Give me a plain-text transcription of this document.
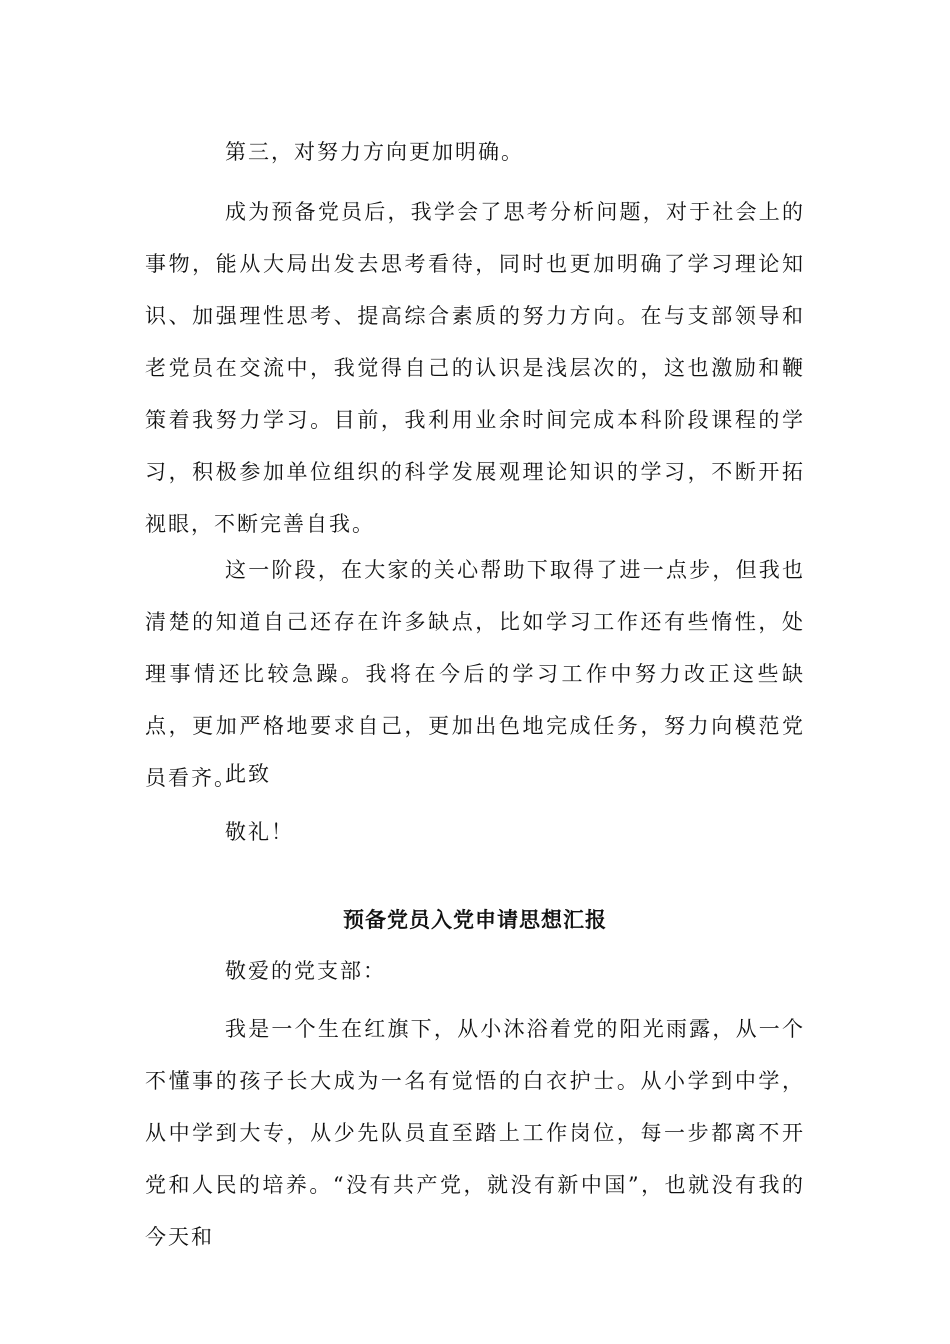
第三，对努力方向更加明确。

成为预备党员后，我学会了思考分析问题，对于社会上的事物，能从大局出发去思考看待，同时也更加明确了学习理论知识、加强理性思考、提高综合素质的努力方向。在与支部领导和老党员在交流中，我觉得自己的认识是浅层次的，这也激励和鞭策着我努力学习。目前，我利用业余时间完成本科阶段课程的学习，积极参加单位组织的科学发展观理论知识的学习，不断开拓视眼，不断完善自我。

这一阶段，在大家的关心帮助下取得了进一点步，但我也清楚的知道自己还存在许多缺点，比如学习工作还有些惰性，处理事情还比较急躁。我将在今后的学习工作中努力改正这些缺点，更加严格地要求自己，更加出色地完成任务，努力向模范党员看齐。

此致

敬礼！

预备党员入党申请思想汇报

敬爱的党支部：

我是一个生在红旗下，从小沐浴着党的阳光雨露，从一个不懂事的孩子长大成为一名有觉悟的白衣护士。从小学到中学，从中学到大专，从少先队员直至踏上工作岗位，每一步都离不开党和人民的培养。“没有共产党，就没有新中国”，也就没有我的今天和
